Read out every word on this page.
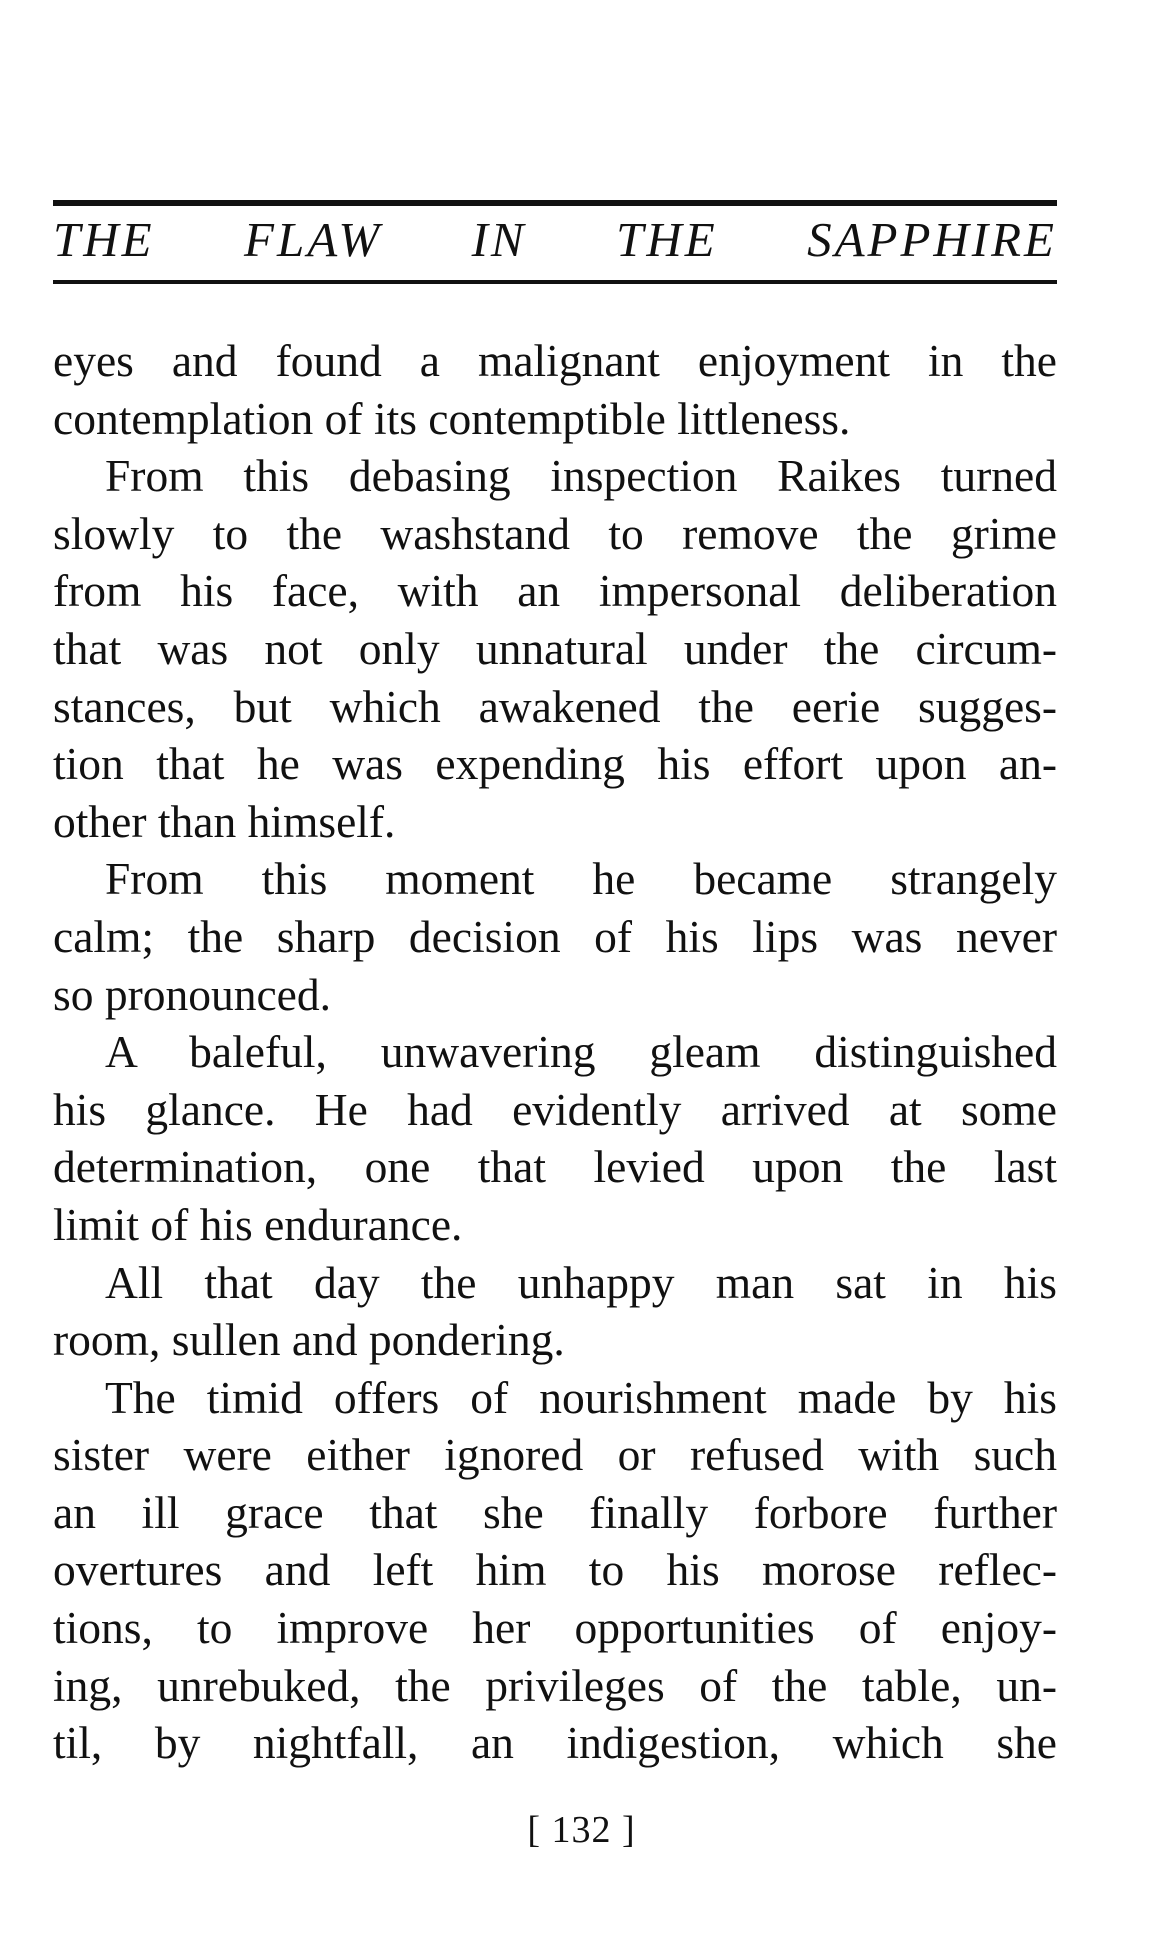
THE FLAW IN THE SAPPHIRE
eyes and found a malignant enjoyment in the
contemplation of its contemptible littleness.
From this debasing inspection Raikes turned
slowly to the washstand to remove the grime
from his face, with an impersonal deliberation
that was not only unnatural under the circum-
stances, but which awakened the eerie sugges-
tion that he was expending his effort upon an-
other than himself.
From this moment he became strangely
calm; the sharp decision of his lips was never
so pronounced.
A baleful, unwavering gleam distinguished
his glance. He had evidently arrived at some
determination, one that levied upon the last
limit of his endurance.
All that day the unhappy man sat in his
room, sullen and pondering.
The timid offers of nourishment made by his
sister were either ignored or refused with such
an ill grace that she finally forbore further
overtures and left him to his morose reflec-
tions, to improve her opportunities of enjoy-
ing, unrebuked, the privileges of the table, un-
til, by nightfall, an indigestion, which she
[ 132 ]
